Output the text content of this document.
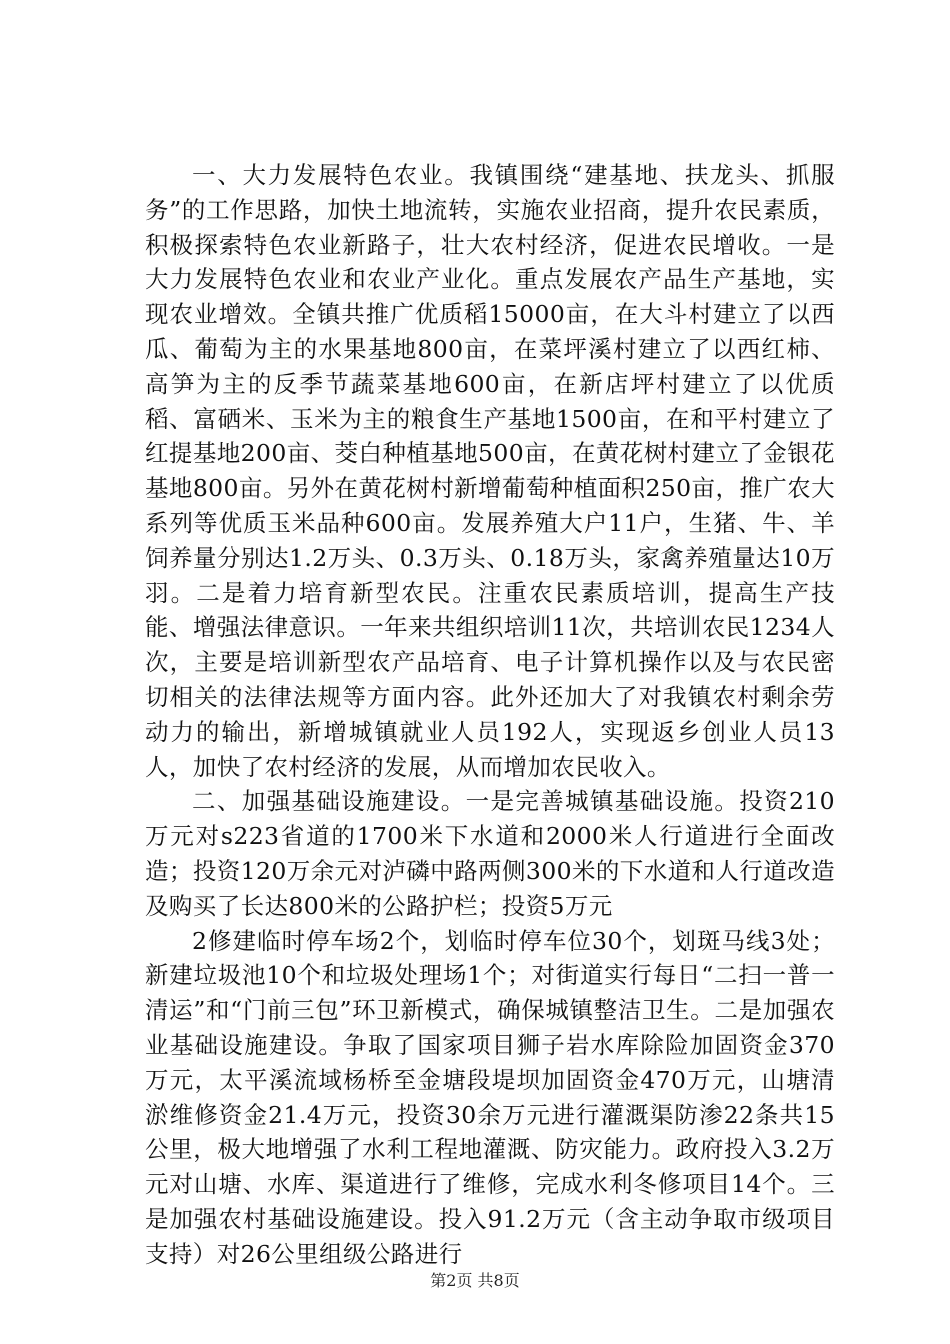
一、大力发展特色农业。我镇围绕“建基地、扶龙头、抓服务”的工作思路，加快土地流转，实施农业招商，提升农民素质，积极探索特色农业新路子，壮大农村经济，促进农民增收。一是大力发展特色农业和农业产业化。重点发展农产品生产基地，实现农业增效。全镇共推广优质稻15000亩，在大斗村建立了以西瓜、葡萄为主的水果基地800亩，在菜坪溪村建立了以西红柿、高笋为主的反季节蔬菜基地600亩，在新店坪村建立了以优质稻、富硒米、玉米为主的粮食生产基地1500亩，在和平村建立了红提基地200亩、茭白种植基地500亩，在黄花树村建立了金银花基地800亩。另外在黄花树村新增葡萄种植面积250亩，推广农大系列等优质玉米品种600亩。发展养殖大户11户，生猪、牛、羊饲养量分别达1.2万头、0.3万头、0.18万头，家禽养殖量达10万羽。二是着力培育新型农民。注重农民素质培训，提高生产技能、增强法律意识。一年来共组织培训11次，共培训农民1234人次，主要是培训新型农产品培育、电子计算机操作以及与农民密切相关的法律法规等方面内容。此外还加大了对我镇农村剩余劳动力的输出，新增城镇就业人员192人，实现返乡创业人员13人，加快了农村经济的发展，从而增加农民收入。

二、加强基础设施建设。一是完善城镇基础设施。投资210万元对s223省道的1700米下水道和2000米人行道进行全面改造；投资120万余元对泸磷中路两侧300米的下水道和人行道改造及购买了长达800米的公路护栏；投资5万元

2修建临时停车场2个，划临时停车位30个，划斑马线3处；新建垃圾池10个和垃圾处理场1个；对街道实行每日“二扫一普一清运”和“门前三包”环卫新模式，确保城镇整洁卫生。二是加强农业基础设施建设。争取了国家项目狮子岩水库除险加固资金370万元，太平溪流域杨桥至金塘段堤坝加固资金470万元，山塘清淤维修资金21.4万元，投资30余万元进行灌溉渠防渗22条共15公里，极大地增强了水利工程地灌溉、防灾能力。政府投入3.2万元对山塘、水库、渠道进行了维修，完成水利冬修项目14个。三是加强农村基础设施建设。投入91.2万元（含主动争取市级项目支持）对26公里组级公路进行

第2页 共8页
